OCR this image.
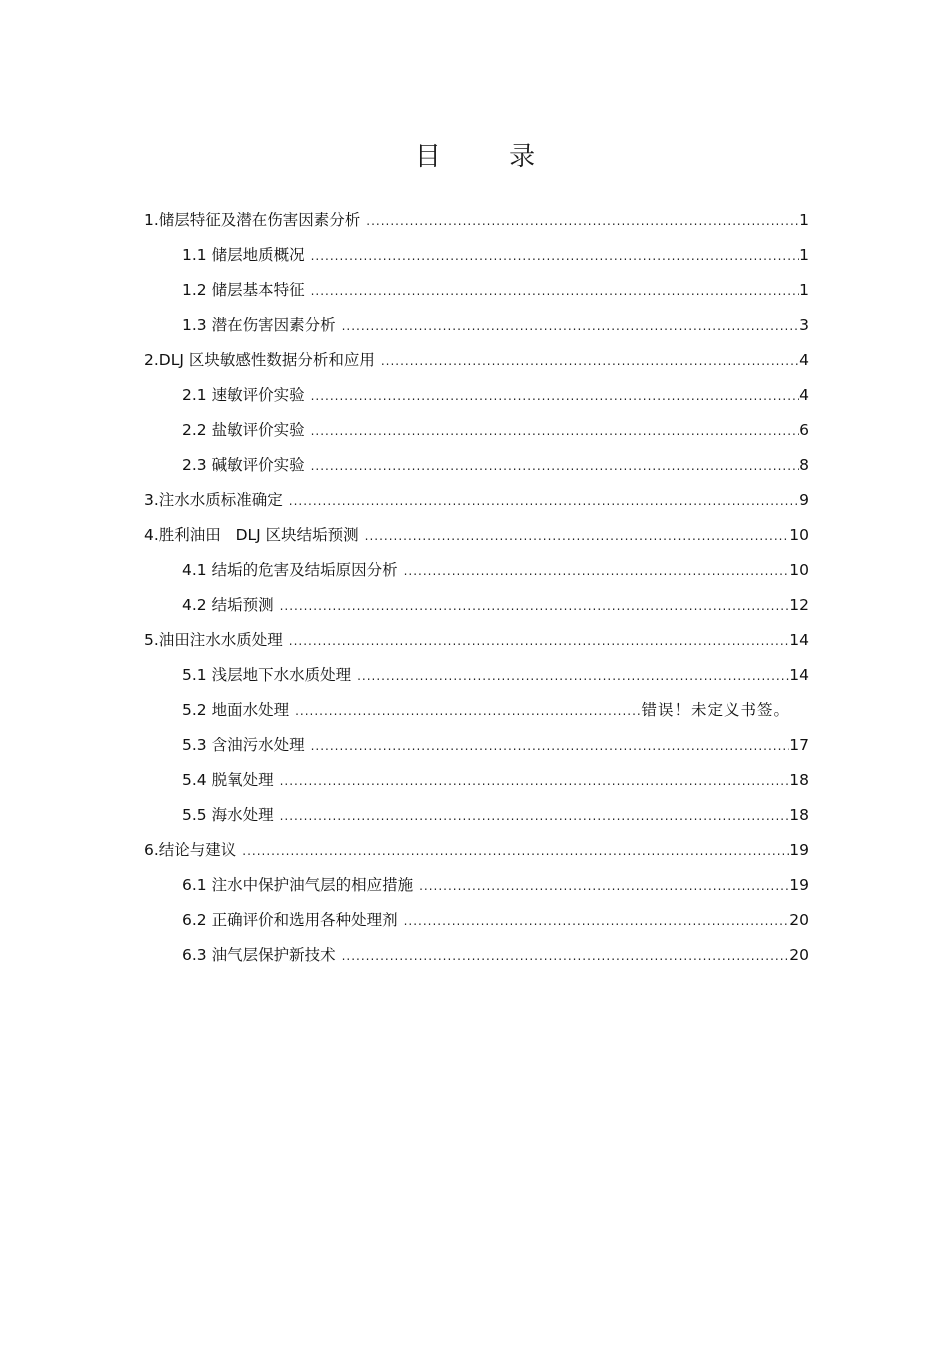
目 录
1.储层特征及潜在伤害因素分析 .....	1
1.1 储层地质概况 .....	1
1.2 储层基本特征 .....	1
1.3 潜在伤害因素分析 .....	3
2.DLJ 区块敏感性数据分析和应用 .....	4
2.1 速敏评价实验 .....	4
2.2 盐敏评价实验 .....	6
2.3 碱敏评价实验 .....	8
3.注水水质标准确定 .....	9
4.胜利油田   DLJ 区块结垢预测 .....	10
4.1 结垢的危害及结垢原因分析 .....	10
4.2 结垢预测 .....	12
5.油田注水水质处理 .....	14
5.1 浅层地下水水质处理 .....	14
5.2 地面水处理 .....	错误！未定义书签。
5.3 含油污水处理 .....	17
5.4 脱氧处理 .....	18
5.5 海水处理 .....	18
6.结论与建议 .....	19
6.1 注水中保护油气层的相应措施 .....	19
6.2 正确评价和选用各种处理剂 .....	20
6.3 油气层保护新技术 .....	20
